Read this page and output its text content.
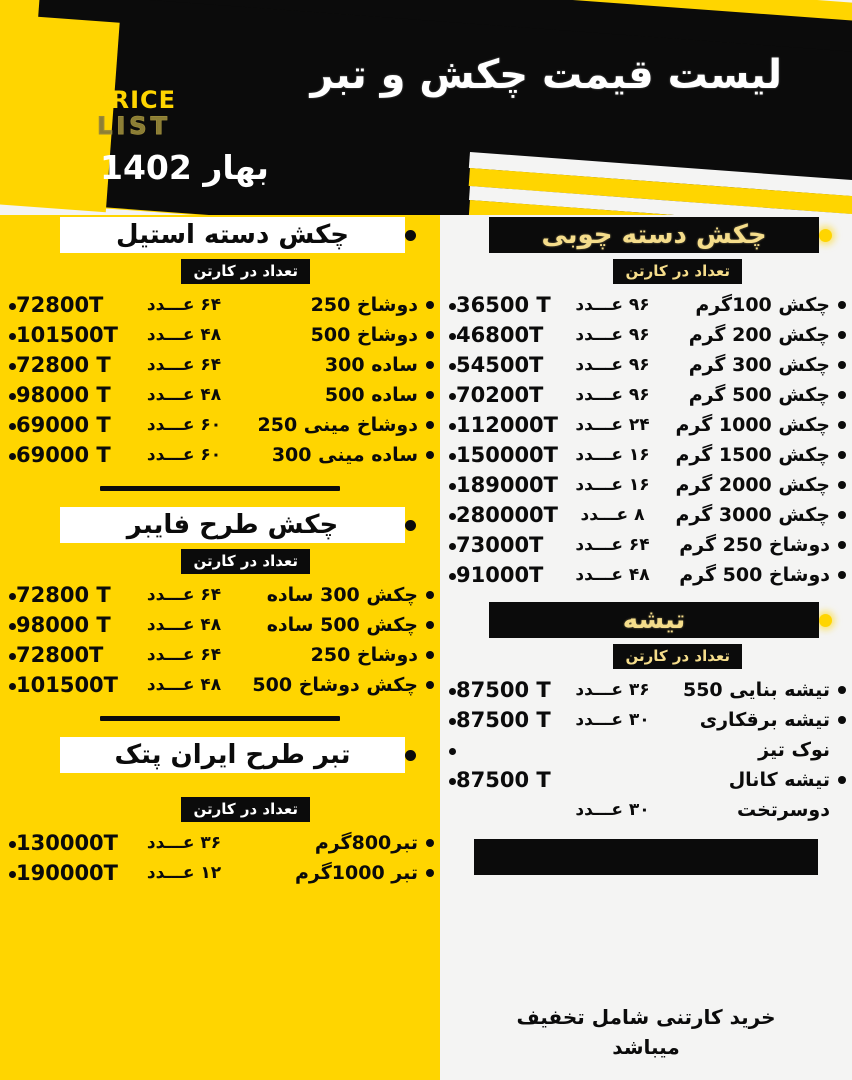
لیست قیمت چکش و تبر
PRICE
LIST
بهار 1402
چکش دسته استیل
تعداد در کارتن
دوشاخ 250
۶۴ عـــدد
72800T
دوشاخ 500
۴۸ عـــدد
101500T
ساده 300
۶۴ عـــدد
72800 T
ساده 500
۴۸ عـــدد
98000 T
دوشاخ مینی 250
۶۰ عـــدد
69000 T
ساده مینی 300
۶۰ عـــدد
69000 T
چکش طرح فایبر
تعداد در کارتن
چکش 300 ساده
۶۴ عـــدد
72800 T
چکش 500 ساده
۴۸ عـــدد
98000 T
دوشاخ 250
۶۴ عـــدد
72800T
چکش دوشاخ 500
۴۸ عـــدد
101500T
تبر طرح ایران پتک
تعداد در کارتن
تبر800گرم
۳۶ عـــدد
130000T
تبر 1000گرم
۱۲ عـــدد
190000T
چکش دسته چوبی
تعداد در کارتن
چکش 100گرم
۹۶ عـــدد
36500 T
چکش 200 گرم
۹۶ عـــدد
46800T
چکش 300 گرم
۹۶ عـــدد
54500T
چکش 500 گرم
۹۶ عـــدد
70200T
چکش 1000 گرم
۲۴ عـــدد
112000T
چکش 1500 گرم
۱۶ عـــدد
150000T
چکش 2000 گرم
۱۶ عـــدد
189000T
چکش 3000 گرم
۸ عـــدد
280000T
دوشاخ 250 گرم
۶۴ عـــدد
73000T
دوشاخ 500 گرم
۴۸ عـــدد
91000T
تیشه
تعداد در کارتن
تیشه بنایی 550
۳۶ عـــدد
87500 T
تیشه برقکاری
۳۰ عـــدد
87500 T
نوک تیز
تیشه کانال
87500 T
دوسرتخت
۳۰ عـــدد
خرید کارتنی شامل تخفیف
میباشد
